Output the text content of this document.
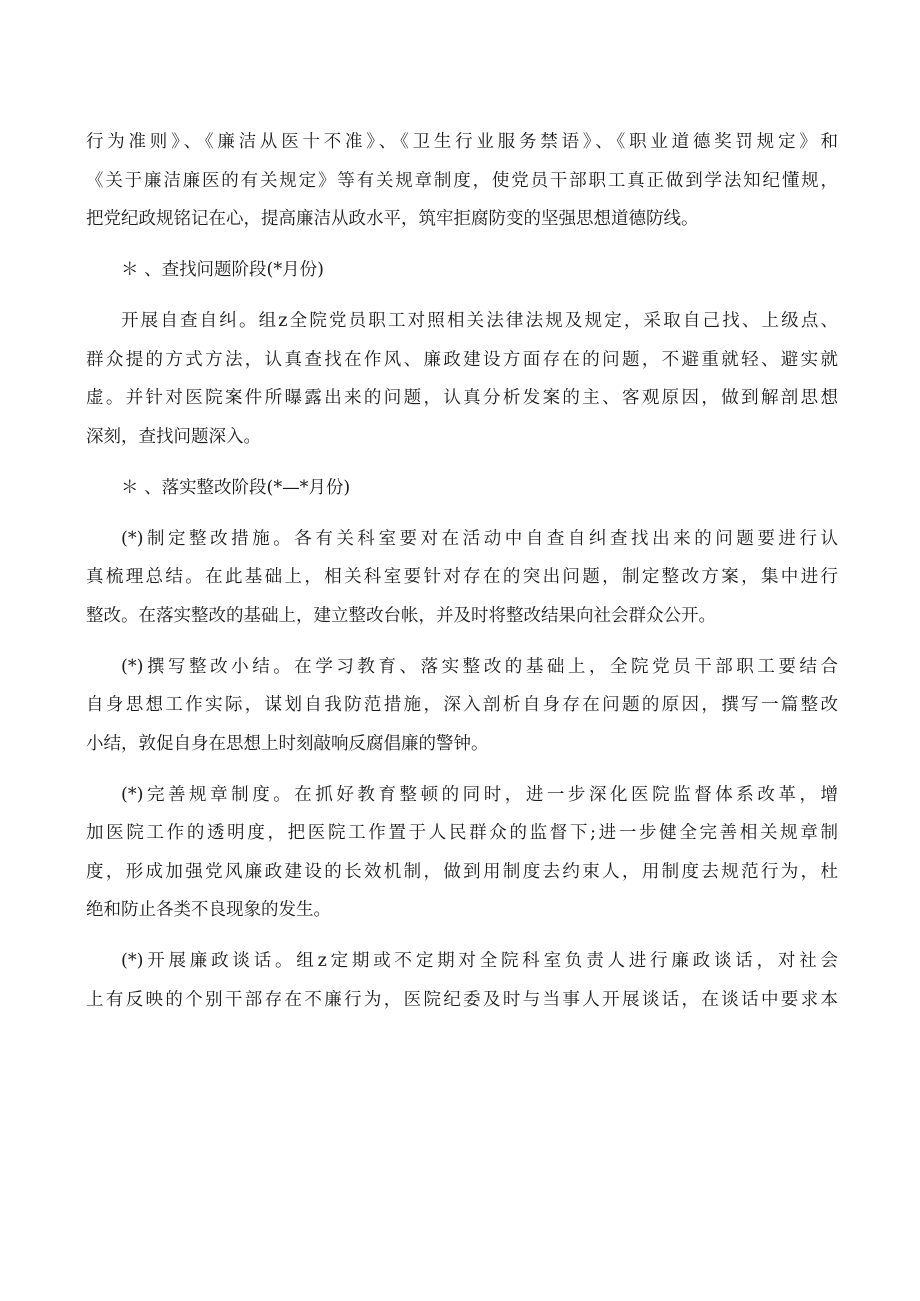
行为准则》、《廉洁从医十不准》、《卫生行业服务禁语》、《职业道德奖罚规定》和
《关于廉洁廉医的有关规定》等有关规章制度，使党员干部职工真正做到学法知纪懂规，
把党纪政规铭记在心，提高廉洁从政水平，筑牢拒腐防变的坚强思想道德防线。

＊ 、查找问题阶段(*月份)

开展自查自纠。组z全院党员职工对照相关法律法规及规定，采取自己找、上级点、
群众提的方式方法，认真查找在作风、廉政建设方面存在的问题，不避重就轻、避实就
虚。并针对医院案件所曝露出来的问题，认真分析发案的主、客观原因，做到解剖思想
深刻，查找问题深入。

＊ 、落实整改阶段(*—*月份)

(*)制定整改措施。各有关科室要对在活动中自查自纠查找出来的问题要进行认
真梳理总结。在此基础上，相关科室要针对存在的突出问题，制定整改方案，集中进行
整改。在落实整改的基础上，建立整改台帐，并及时将整改结果向社会群众公开。

(*)撰写整改小结。在学习教育、落实整改的基础上，全院党员干部职工要结合
自身思想工作实际，谋划自我防范措施，深入剖析自身存在问题的原因，撰写一篇整改
小结，敦促自身在思想上时刻敲响反腐倡廉的警钟。

(*)完善规章制度。在抓好教育整顿的同时，进一步深化医院监督体系改革，增
加医院工作的透明度，把医院工作置于人民群众的监督下;进一步健全完善相关规章制
度，形成加强党风廉政建设的长效机制，做到用制度去约束人，用制度去规范行为，杜
绝和防止各类不良现象的发生。

(*)开展廉政谈话。组z定期或不定期对全院科室负责人进行廉政谈话，对社会
上有反映的个别干部存在不廉行为，医院纪委及时与当事人开展谈话，在谈话中要求本
